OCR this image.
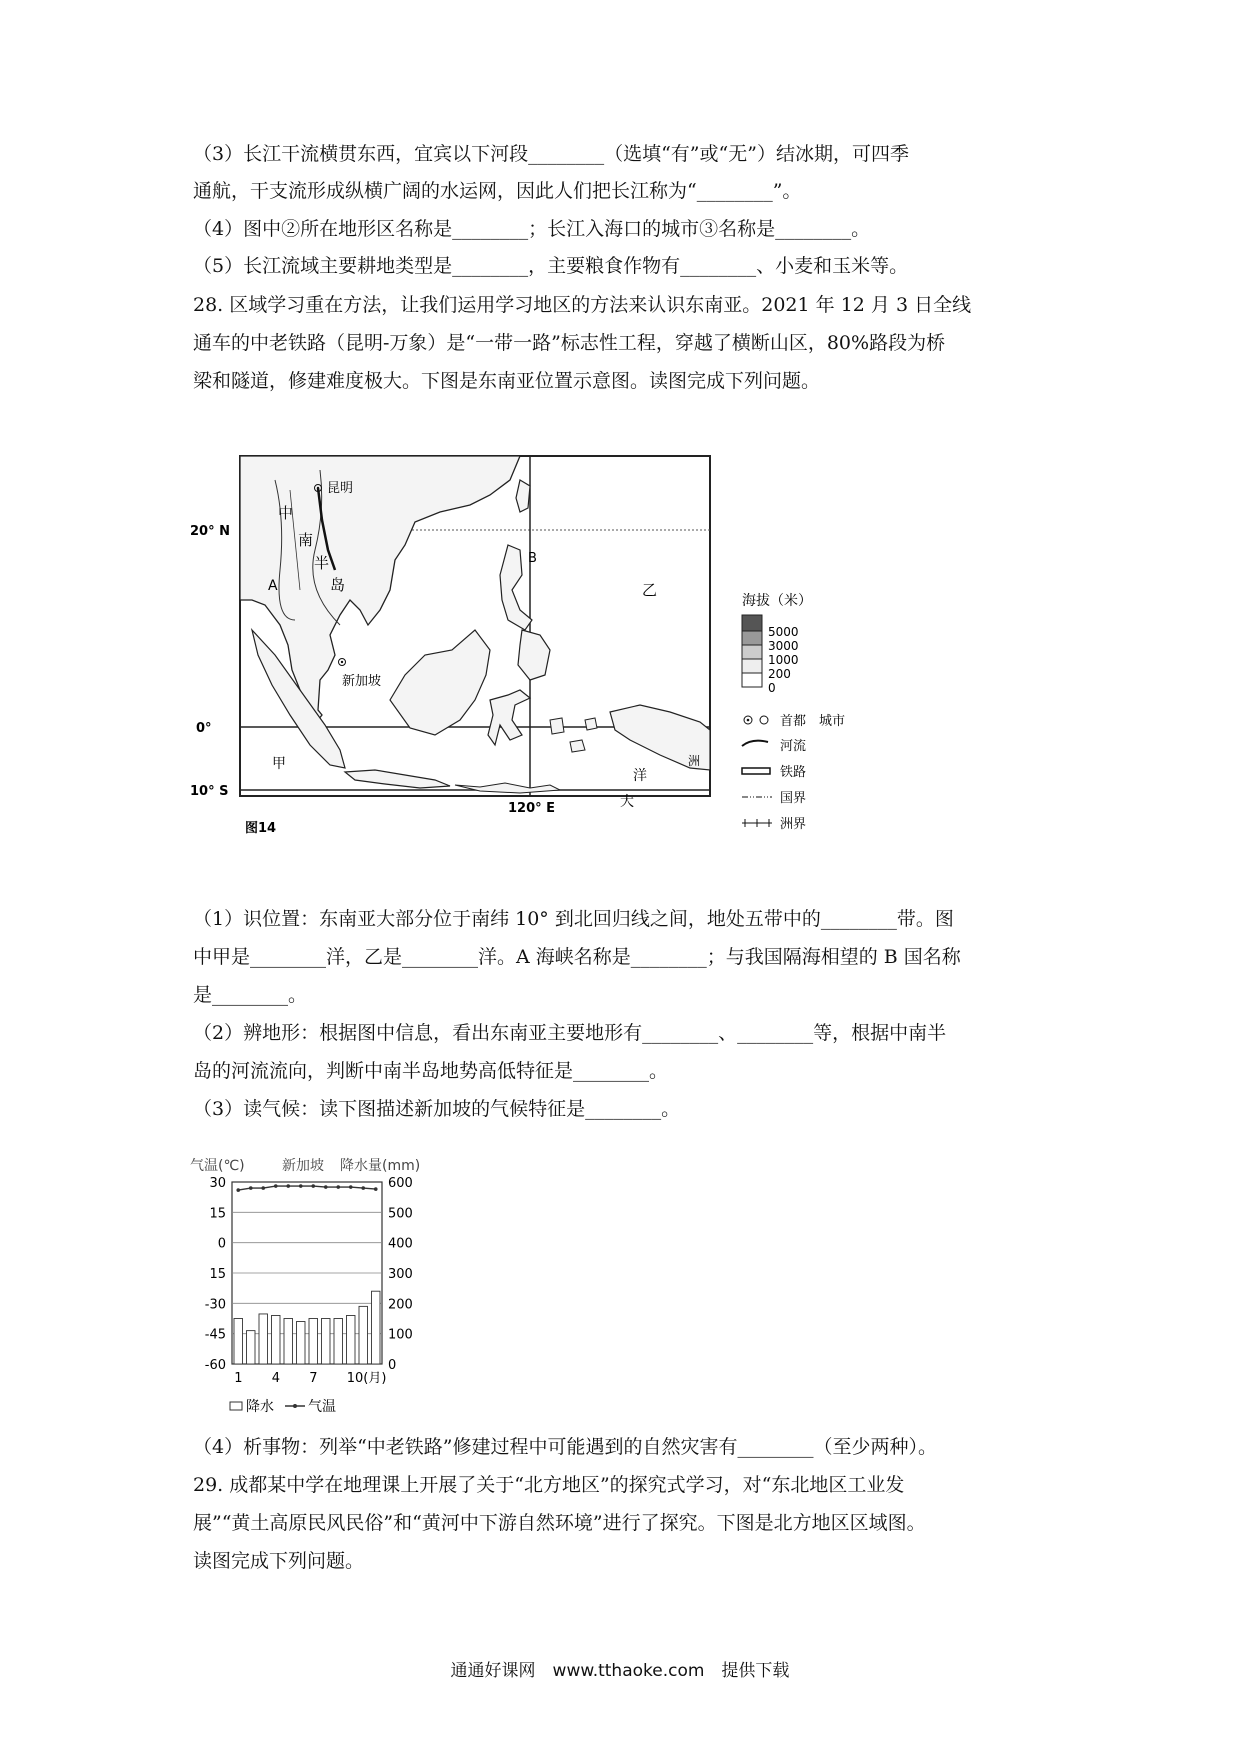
（3）长江干流横贯东西，宜宾以下河段________（选填“有”或“无”）结冰期，可四季
通航，干支流形成纵横广阔的水运网，因此人们把长江称为“________”。
（4）图中②所在地形区名称是________；长江入海口的城市③名称是________。
（5）长江流域主要耕地类型是________，主要粮食作物有________、小麦和玉米等。
28. 区域学习重在方法，让我们运用学习地区的方法来认识东南亚。2021 年 12 月 3 日全线
通车的中老铁路（昆明-万象）是“一带一路”标志性工程，穿越了横断山区，80%路段为桥
梁和隧道，修建难度极大。下图是东南亚位置示意图。读图完成下列问题。
（1）识位置：东南亚大部分位于南纬 10° 到北回归线之间，地处五带中的________带。图
中甲是________洋，乙是________洋。A 海峡名称是________；与我国隔海相望的 B 国名称
是________。
（2）辨地形：根据图中信息，看出东南亚主要地形有________、________等，根据中南半
岛的河流流向，判断中南半岛地势高低特征是________。
（3）读气候：读下图描述新加坡的气候特征是________。
（4）析事物：列举“中老铁路”修建过程中可能遇到的自然灾害有________（至少两种）。
29. 成都某中学在地理课上开展了关于“北方地区”的探究式学习，对“东北地区工业发
展”“黄土高原民风民俗”和“黄河中下游自然环境”进行了探究。下图是北方地区区域图。
读图完成下列问题。
昆明
中
南
半
岛
新加坡
甲
乙
A
B
洋
大
洲
20° N
0°
10° S
120° E
图14
海拔（米）
5000
3000
1000
200
0
首都　城市
河流
铁路
国界
洲界
气温(℃)	新加坡 降水量(mm)
30	600
15	500
0	400
15	300
-30	200
-45	100
-60	0
1 4 7 10(月)
降水 气温
通通好课网　www.tthaoke.com　提供下载
